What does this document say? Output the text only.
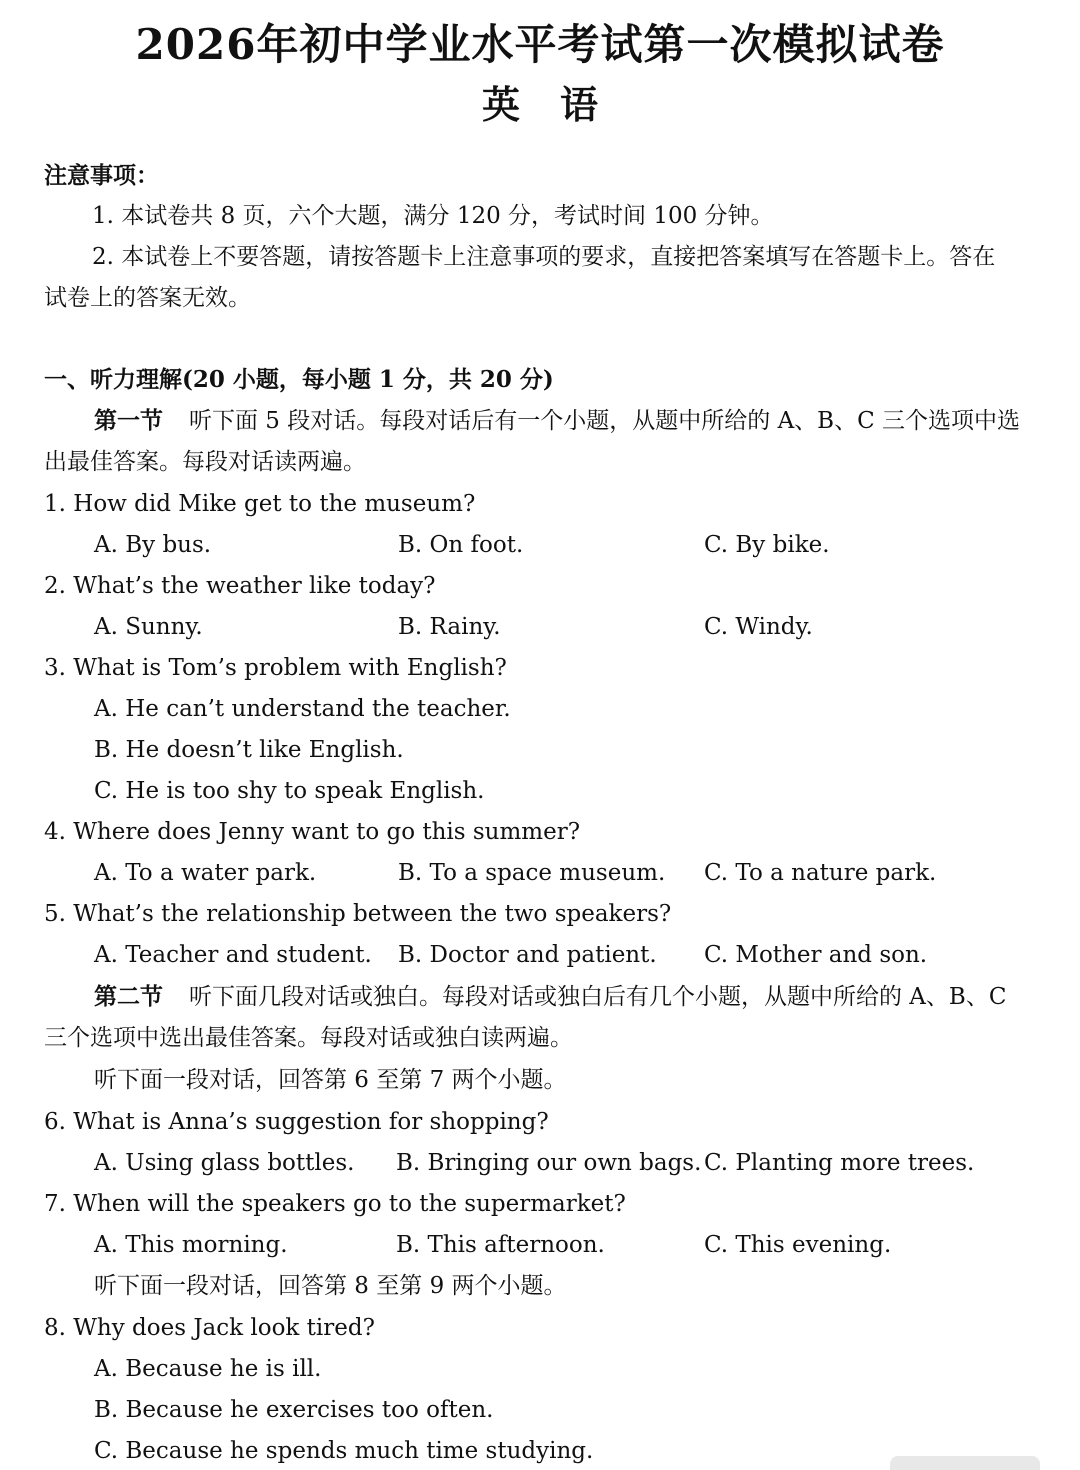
2026年初中学业水平考试第一次模拟试卷
英语
注意事项：
1. 本试卷共 8 页，六个大题，满分 120 分，考试时间 100 分钟。
2. 本试卷上不要答题，请按答题卡上注意事项的要求，直接把答案填写在答题卡上。答在
试卷上的答案无效。
一、听力理解(20 小题，每小题 1 分，共 20 分)
第一节 听下面 5 段对话。每段对话后有一个小题，从题中所给的 A、B、C 三个选项中选
出最佳答案。每段对话读两遍。
1. How did Mike get to the museum?
A. By bus.	B. On foot.	C. By bike.
2. What’s the weather like today?
A. Sunny.	B. Rainy.	C. Windy.
3. What is Tom’s problem with English?
A. He can’t understand the teacher.
B. He doesn’t like English.
C. He is too shy to speak English.
4. Where does Jenny want to go this summer?
A. To a water park.	B. To a space museum. C. To a nature park.
5. What’s the relationship between the two speakers?
A. Teacher and student. B. Doctor and patient. C. Mother and son.
第二节 听下面几段对话或独白。每段对话或独白后有几个小题，从题中所给的 A、B、C
三个选项中选出最佳答案。每段对话或独白读两遍。
听下面一段对话，回答第 6 至第 7 两个小题。
6. What is Anna’s suggestion for shopping?
A. Using glass bottles. B. Bringing our own bags. C. Planting more trees.
7. When will the speakers go to the supermarket?
A. This morning.	B. This afternoon.	C. This evening.
听下面一段对话，回答第 8 至第 9 两个小题。
8. Why does Jack look tired?
A. Because he is ill.
B. Because he exercises too often.
C. Because he spends much time studying.
